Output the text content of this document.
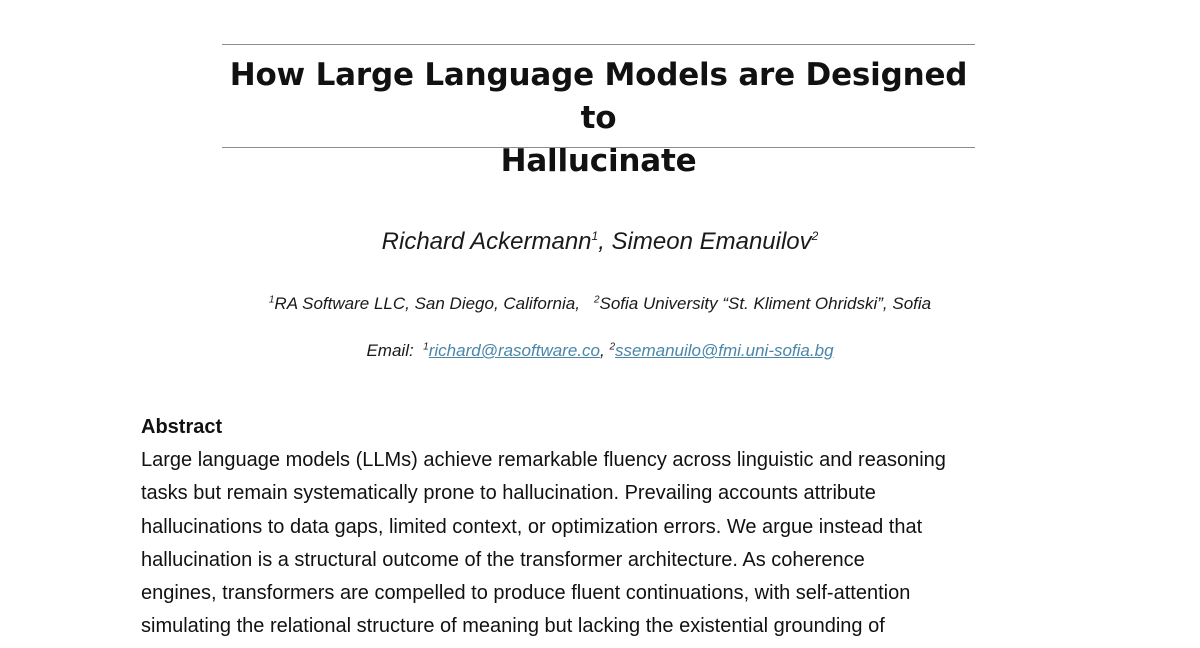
How Large Language Models are Designed to
Hallucinate
Richard Ackermann$^1$, Simeon Emanuilov$^2$
$^1$RA Software LLC, San Diego, California, $^2$Sofia University “St. Kliment Ohridski”, Sofia
Email: $^1$richard@rasoftware.co, $^2$ssemanuilo@fmi.uni-sofia.bg
Abstract
Large language models (LLMs) achieve remarkable fluency across linguistic and reasoning
tasks but remain systematically prone to hallucination. Prevailing accounts attribute
hallucinations to data gaps, limited context, or optimization errors. We argue instead that
hallucination is a structural outcome of the transformer architecture. As coherence
engines, transformers are compelled to produce fluent continuations, with self-attention
simulating the relational structure of meaning but lacking the existential grounding of
